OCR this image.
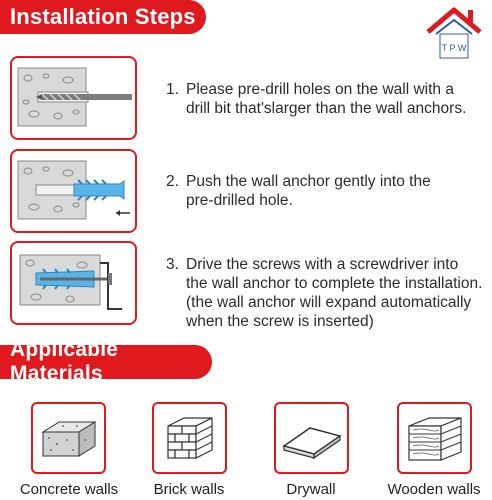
Installation Steps
T P W
1. Please pre-drill holes on the wall with a
drill bit that'slarger than the wall anchors.
2. Push the wall anchor gently into the
pre-drilled hole.
3. Drive the screws with a screwdriver into
the wall anchor to complete the installation.
(the wall anchor will expand automatically
when the screw is inserted)
Applicable Materials
Concrete walls	Brick walls	Drywall	Wooden walls
